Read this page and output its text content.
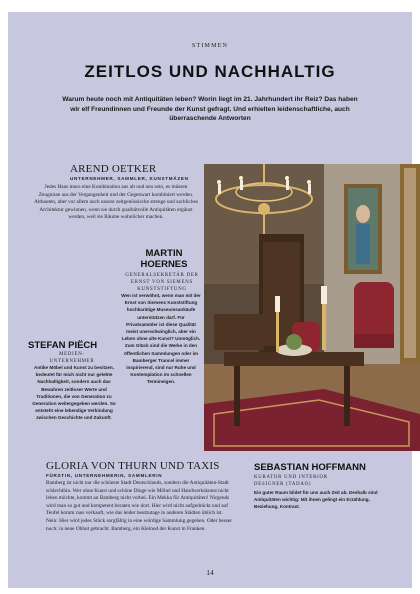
STIMMEN
ZEITLOS UND NACHHALTIG
Warum heute noch mit Antiquitäten leben? Worin liegt im 21. Jahrhundert ihr Reiz? Das haben wir elf Freundinnen und Freunde der Kunst gefragt. Und erhielten leidenschaftliche, auch überraschende Antworten
AREND OETKER
UNTERNEHMER, SAMMLER, KUNSTMÄZEN
Jedes Haus muss eine Kombination aus alt und neu sein, es müssen Zeugnisse aus der Vergangenheit und der Gegenwart kombiniert werden. Altbauten, aber vor allem auch unsere zeitgenössische strenge und sachliches Architektur gewinnen, wenn sie durch qualitätvolle Antiquitäten ergänzt werden, weil sie Räume wohnlicher machen.
MARTIN
HOERNES
GENERALSEKRETÄR DER ERNST VON SIEMENS KUNSTSTIFTUNG
Wen ist verwöhnt, wenn man mit der Ernst von Siemens Kunststiftung hochkarätige Museumsankäufe unterstützen darf. Für Privatsammler ist diese Qualität meist unerschwinglich, aber ein Leben ohne alte Kunst? Unmöglich. Zum Glück sind die Werke in den öffentlichen Sammlungen oder im Bamberger Trancel immer inspirierend, sind nur Ruhe und Kontemplation im schnellen Termineigen.
STEFAN PIËCH
MEDIEN-UNTERNEHMER
Antike Möbel und Kunst zu besitzen, bedeutet für mich nicht nur gelebte Nachhaltigkeit, sondern auch das Bewahren zeitloser Werte und Traditionen, die von Generation zu Generation weitergegeben werden. So entsteht eine lebendige Verbindung zwischen Geschichte und Zukunft.
GLORIA VON THURN UND TAXIS
FÜRSTIN, UNTERNEHMERIN, SAMMLERIN
Bamberg ist nicht nur die schönste Stadt Deutschlands, sondern die Antiquitäten-Stadt schlechthin. Wer ohne Kunst und schöne Dinge wie Möbel und Handwerkskunst nicht leben möchte, kommt an Bamberg nicht vorbei. Ein Mekka für Antiquitäten! Nirgends wird man so gut und kompetent beraten wie dort. Hier wird nicht aufgedrückt und auf Teufel komm raus verkauft, wie das leider heutzutage in anderen Städten üblich ist. Nein: Hier wird jedes Stück sorgfältig in eine würdige Sammlung gegeben. Oder besser noch: in neue Obhut gebracht. Bamberg, ein Kleinod der Kunst in Franken.
SEBASTIAN HOFFMANN
KURATOR UND INTERIOR DESIGNER (TADAO)
Ein guter Raum bildet für uns auch Zeit ab. Deshalb sind Antiquitäten wichtig: Mit ihnen gelingt ein Erzählung, Beziehung, Kontrast.
14
